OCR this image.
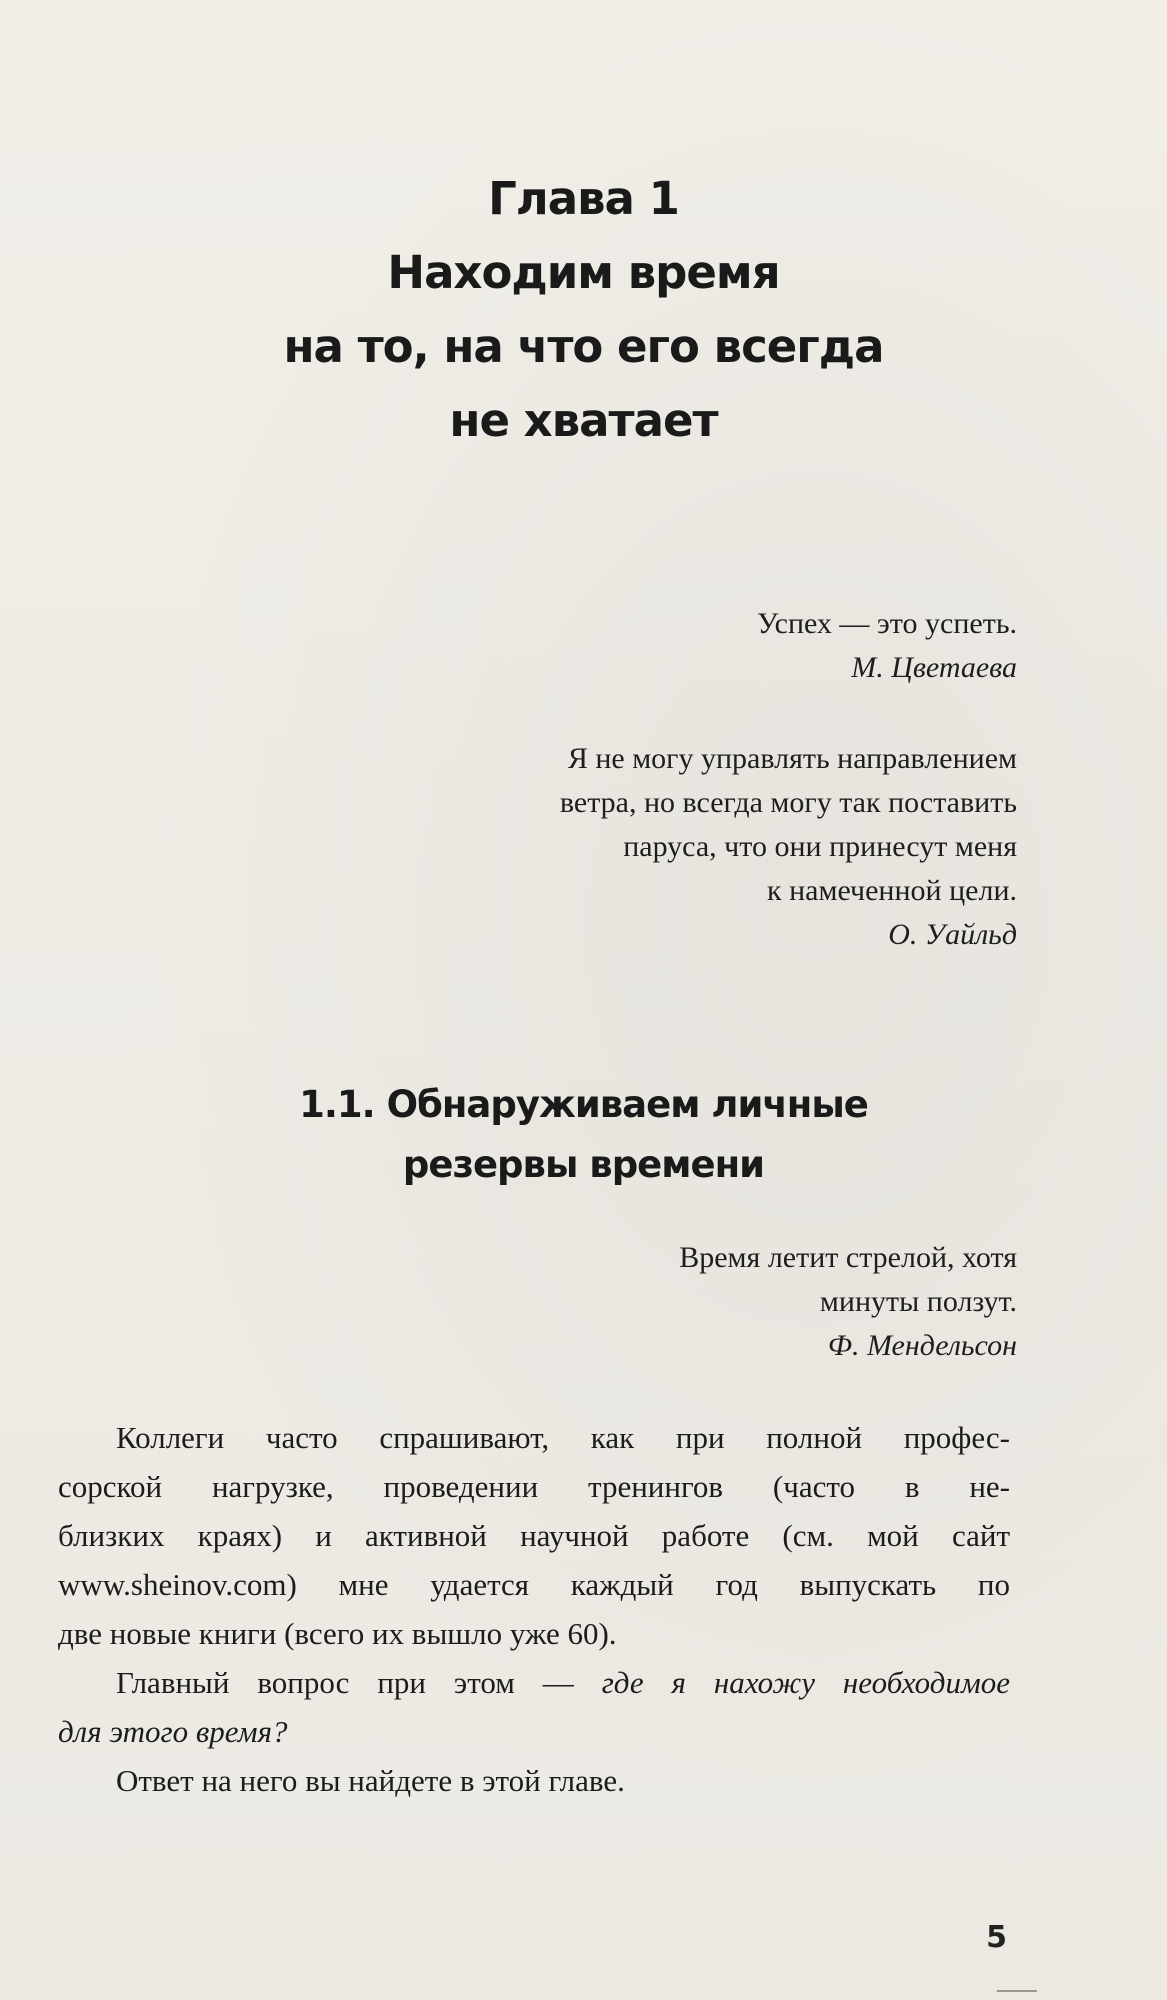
Глава 1
Находим время
на то, на что его всегда
не хватает
Успех — это успеть.
М. Цветаева
Я не могу управлять направлением
ветра, но всегда могу так поставить
паруса, что они принесут меня
к намеченной цели.
О. Уайльд
1.1. Обнаруживаем личные
резервы времени
Время летит стрелой, хотя
минуты ползут.
Ф. Мендельсон
Коллеги часто спрашивают, как при полной профес-
сорской нагрузке, проведении тренингов (часто в не-
близких краях) и активной научной работе (см. мой сайт
www.sheinov.com) мне удается каждый год выпускать по
две новые книги (всего их вышло уже 60).
Главный вопрос при этом — где я нахожу необходимое
для этого время?
Ответ на него вы найдете в этой главе.
5
